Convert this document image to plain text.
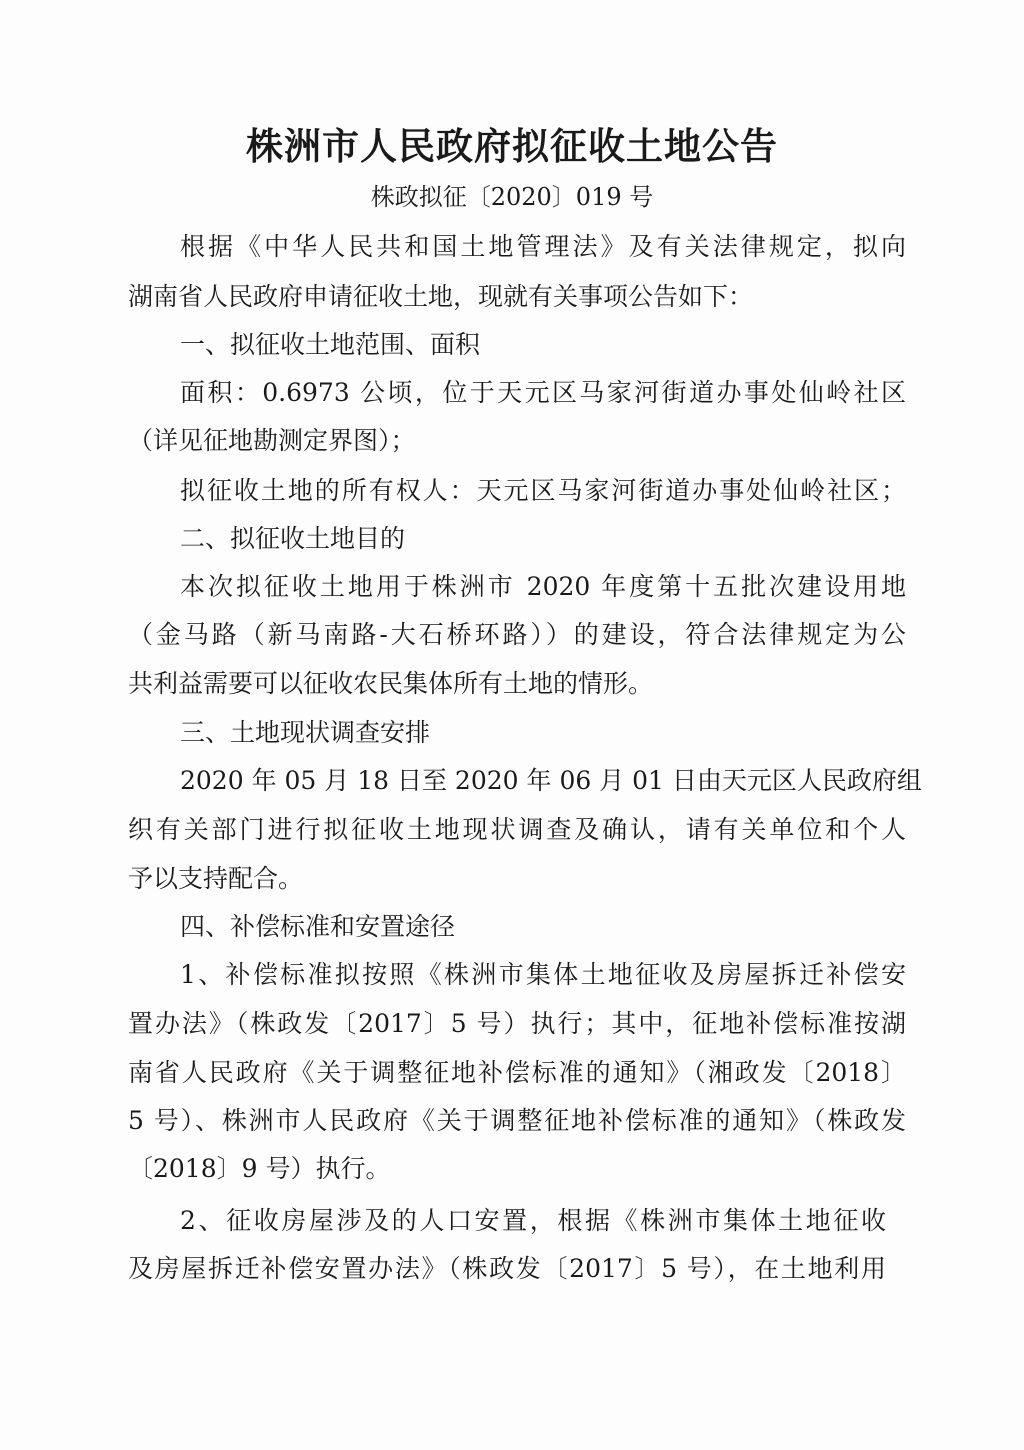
株洲市人民政府拟征收土地公告
株政拟征〔2020〕019 号
根据《中华人民共和国土地管理法》及有关法律规定，拟向
湖南省人民政府申请征收土地，现就有关事项公告如下：
一、拟征收土地范围、面积
面积：0.6973 公顷，位于天元区马家河街道办事处仙岭社区
（详见征地勘测定界图）；
拟征收土地的所有权人：天元区马家河街道办事处仙岭社区；
二、拟征收土地目的
本次拟征收土地用于株洲市 2020 年度第十五批次建设用地
（金马路（新马南路-大石桥环路））的建设，符合法律规定为公
共利益需要可以征收农民集体所有土地的情形。
三、土地现状调查安排
2020 年 05 月 18 日至 2020 年 06 月 01 日由天元区人民政府组
织有关部门进行拟征收土地现状调查及确认，请有关单位和个人
予以支持配合。
四、补偿标准和安置途径
1、补偿标准拟按照《株洲市集体土地征收及房屋拆迁补偿安
置办法》（株政发〔2017〕5 号）执行；其中，征地补偿标准按湖
南省人民政府《关于调整征地补偿标准的通知》（湘政发〔2018〕
5 号）、株洲市人民政府《关于调整征地补偿标准的通知》（株政发
〔2018〕9 号）执行。
2、征收房屋涉及的人口安置，根据《株洲市集体土地征收
及房屋拆迁补偿安置办法》（株政发〔2017〕5 号），在土地利用
